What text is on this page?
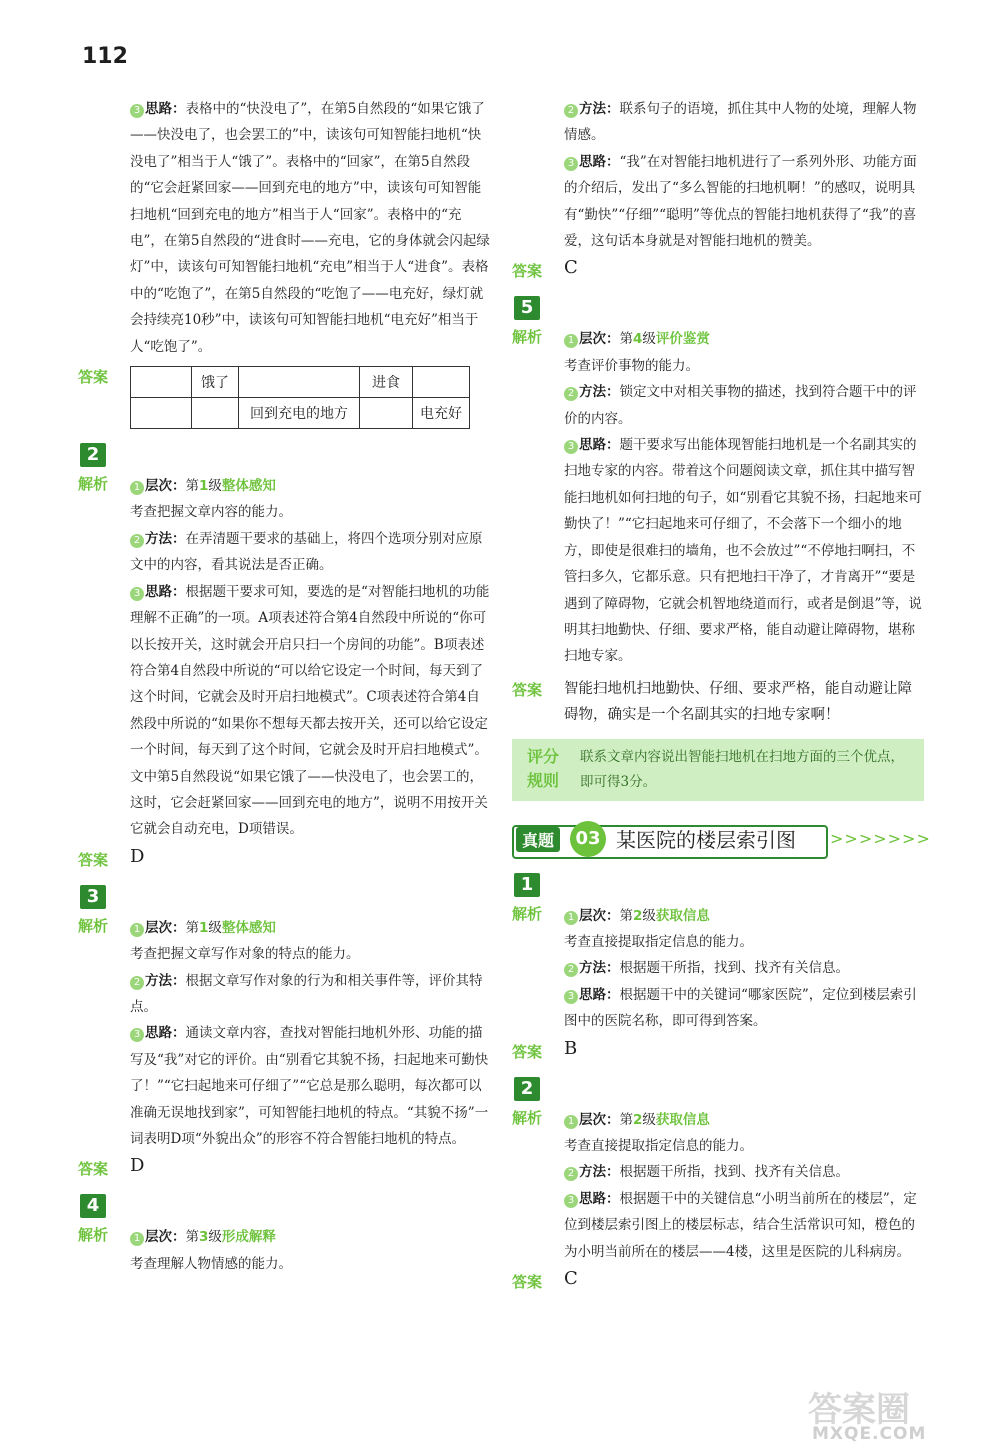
112

3 思路：表格中的“快没电了”，在第5自然段的“如果它饿了——快没电了，也会罢工的”中，读该句可知智能扫地机“快没电了”相当于人“饿了”。表格中的“回家”，在第5自然段的“它会赶紧回家——回到充电的地方”中，读该句可知智能扫地机“回到充电的地方”相当于人“回家”。表格中的“充电”，在第5自然段的“进食时——充电，它的身体就会闪起绿灯”中，读该句可知智能扫地机“充电”相当于人“进食”。表格中的“吃饱了”，在第5自然段的“吃饱了——电充好，绿灯就会持续亮10秒”中，读该句可知智能扫地机“电充好”相当于人“吃饱了”。

答案
		饿了		进食	
		回到充电的地方		电充好
2
解析	1 层次：第1级整体感知

考查把握文章内容的能力。

2 方法：在弄清题干要求的基础上，将四个选项分别对应原文中的内容，看其说法是否正确。

3 思路：根据题干要求可知，要选的是“对智能扫地机的功能理解不正确”的一项。A项表述符合第4自然段中所说的“你可以长按开关，这时就会开启只扫一个房间的功能”。B项表述符合第4自然段中所说的“可以给它设定一个时间，每天到了这个时间，它就会及时开启扫地模式”。C项表述符合第4自然段中所说的“如果你不想每天都去按开关，还可以给它设定一个时间，每天到了这个时间，它就会及时开启扫地模式”。文中第5自然段说“如果它饿了——快没电了，也会罢工的，这时，它会赶紧回家——回到充电的地方”，说明不用按开关它就会自动充电，D项错误。

答案	D
3
解析	1 层次：第1级整体感知

考查把握文章写作对象的特点的能力。

2 方法：根据文章写作对象的行为和相关事件等，评价其特点。

3 思路：通读文章内容，查找对智能扫地机外形、功能的描写及“我”对它的评价。由“别看它其貌不扬，扫起地来可勤快了！”“它扫起地来可仔细了”“它总是那么聪明，每次都可以准确无误地找到家”，可知智能扫地机的特点。“其貌不扬”一词表明D项“外貌出众”的形容不符合智能扫地机的特点。

答案	D
4
解析	1 层次：第3级形成解释

考查理解人物情感的能力。

2 方法：联系句子的语境，抓住其中人物的处境，理解人物情感。

3 思路：“我”在对智能扫地机进行了一系列外形、功能方面的介绍后，发出了“多么智能的扫地机啊！”的感叹，说明具有“勤快”“仔细”“聪明”等优点的智能扫地机获得了“我”的喜爱，这句话本身就是对智能扫地机的赞美。

答案	C
5
解析	1 层次：第4级评价鉴赏

考查评价事物的能力。

2 方法：锁定文中对相关事物的描述，找到符合题干中的评价的内容。

3 思路：题干要求写出能体现智能扫地机是一个名副其实的扫地专家的内容。带着这个问题阅读文章，抓住其中描写智能扫地机如何扫地的句子，如“别看它其貌不扬，扫起地来可勤快了！”“它扫起地来可仔细了，不会落下一个细小的地方，即使是很难扫的墙角，也不会放过”“不停地扫啊扫，不管扫多久，它都乐意。只有把地扫干净了，才肯离开”“要是遇到了障碍物，它就会机智地绕道而行，或者是倒退”等，说明其扫地勤快、仔细、要求严格，能自动避让障碍物，堪称扫地专家。

答案	智能扫地机扫地勤快、仔细、要求严格，能自动避让障碍物，确实是一个名副其实的扫地专家啊！
评分规则
联系文章内容说出智能扫地机在扫地方面的三个优点，即可得3分。
真题	03 某医院的楼层索引图 >>>>>>>
1
解析	1 层次：第2级获取信息

考查直接提取指定信息的能力。

2 方法：根据题干所指，找到、找齐有关信息。

3 思路：根据题干中的关键词“哪家医院”，定位到楼层索引图中的医院名称，即可得到答案。

答案	B
2
解析	1 层次：第2级获取信息

考查直接提取指定信息的能力。

2 方法：根据题干所指，找到、找齐有关信息。

3 思路：根据题干中的关键信息“小明当前所在的楼层”，定位到楼层索引图上的楼层标志，结合生活常识可知，橙色的为小明当前所在的楼层——4楼，这里是医院的儿科病房。

答案	C
答案圈
MXQE.COM
